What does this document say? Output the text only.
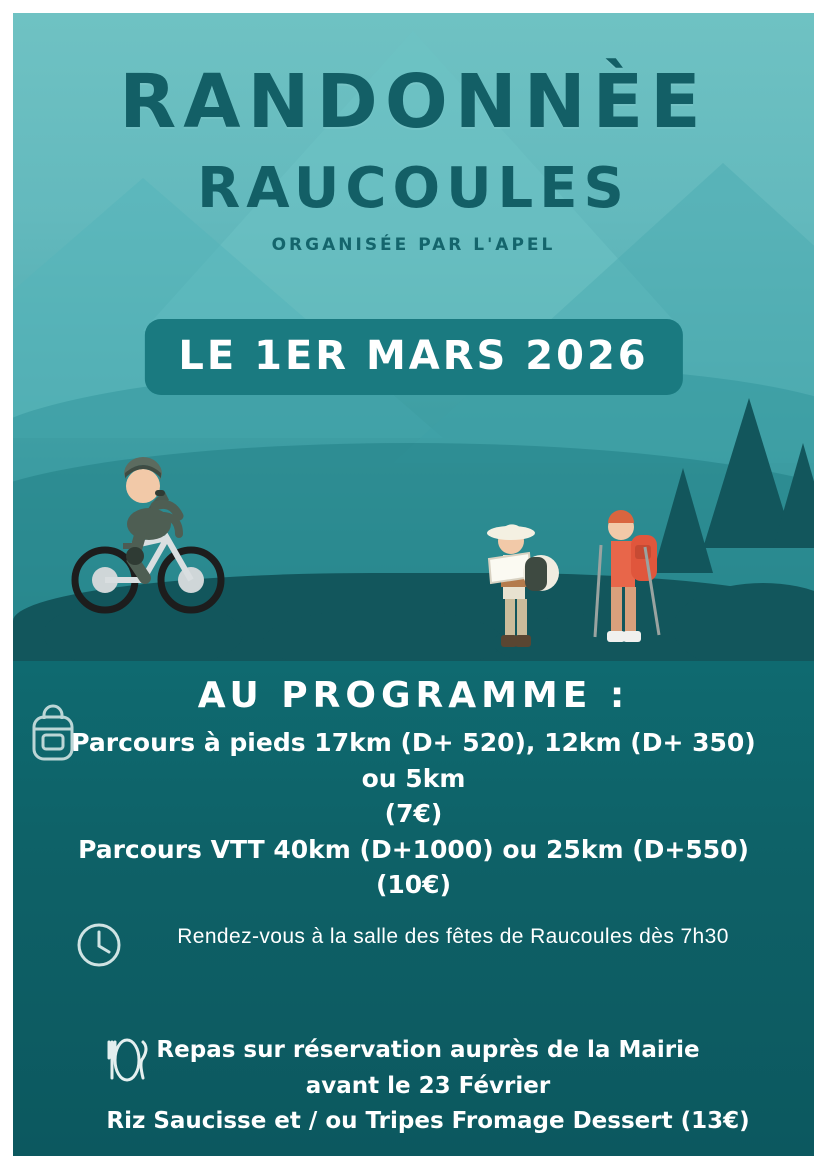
RANDONNÈE
RAUCOULES
ORGANISÉE PAR L'APEL
LE 1ER MARS 2026
AU PROGRAMME :
Parcours à pieds 17km (D+ 520), 12km (D+ 350) ou 5km
(7€)
Parcours VTT 40km (D+1000) ou 25km (D+550)
(10€)
Rendez-vous à la salle des fêtes de Raucoules dès 7h30
Repas sur réservation auprès de la Mairie
avant le 23 Février
Riz Saucisse et / ou Tripes Fromage Dessert (13€)
